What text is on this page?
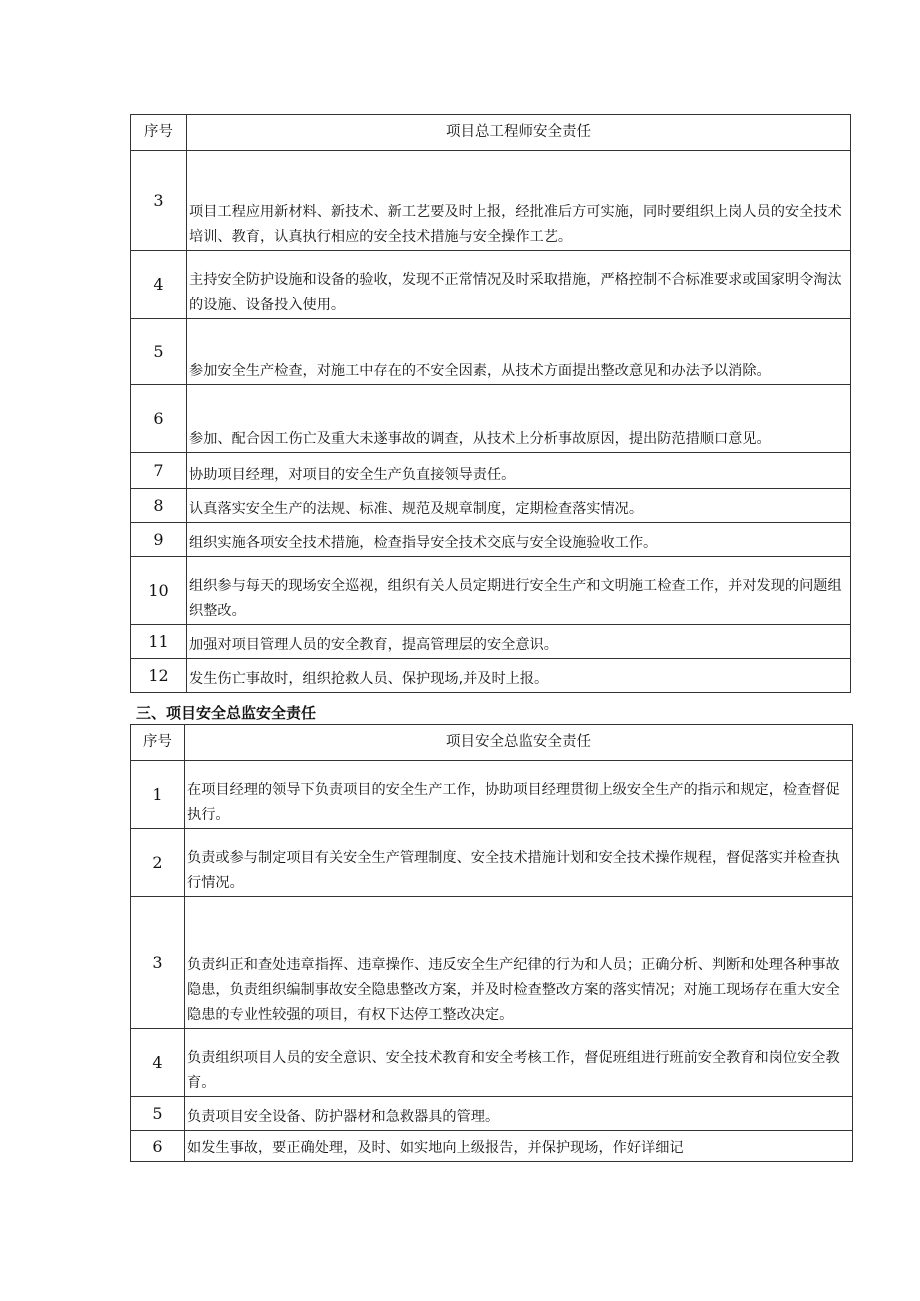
序号	项目总工程师安全责任
3	项目工程应用新材料、新技术、新工艺要及时上报，经批准后方可实施，同时要组织上岗人员的安全技术培训、教育，认真执行相应的安全技术措施与安全操作工艺。
4	主持安全防护设施和设备的验收，发现不正常情况及时采取措施，严格控制不合标准要求或国家明令淘汰的设施、设备投入使用。
5	参加安全生产检查，对施工中存在的不安全因素，从技术方面提出整改意见和办法予以消除。
6	参加、配合因工伤亡及重大未遂事故的调查，从技术上分析事故原因，提出防范措顺口意见。
7	协助项目经理，对项目的安全生产负直接领导责任。
8	认真落实安全生产的法规、标准、规范及规章制度，定期检查落实情况。
9	组织实施各项安全技术措施，检查指导安全技术交底与安全设施验收工作。
10	组织参与每天的现场安全巡视，组织有关人员定期进行安全生产和文明施工检查工作，并对发现的问题组织整改。
11	加强对项目管理人员的安全教育，提高管理层的安全意识。
12	发生伤亡事故时，组织抢救人员、保护现场,并及时上报。

三、项目安全总监安全责任

序号	项目安全总监安全责任
1	在项目经理的领导下负责项目的安全生产工作，协助项目经理贯彻上级安全生产的指示和规定，检查督促执行。
2	负责或参与制定项目有关安全生产管理制度、安全技术措施计划和安全技术操作规程，督促落实并检查执行情况。
3	负责纠正和查处违章指挥、违章操作、违反安全生产纪律的行为和人员；正确分析、判断和处理各种事故隐患，负责组织编制事故安全隐患整改方案，并及时检查整改方案的落实情况；对施工现场存在重大安全隐患的专业性较强的项目，有权下达停工整改决定。
4	负责组织项目人员的安全意识、安全技术教育和安全考核工作，督促班组进行班前安全教育和岗位安全教育。
5	负责项目安全设备、防护器材和急救器具的管理。
6	如发生事故，要正确处理，及时、如实地向上级报告，并保护现场，作好详细记
